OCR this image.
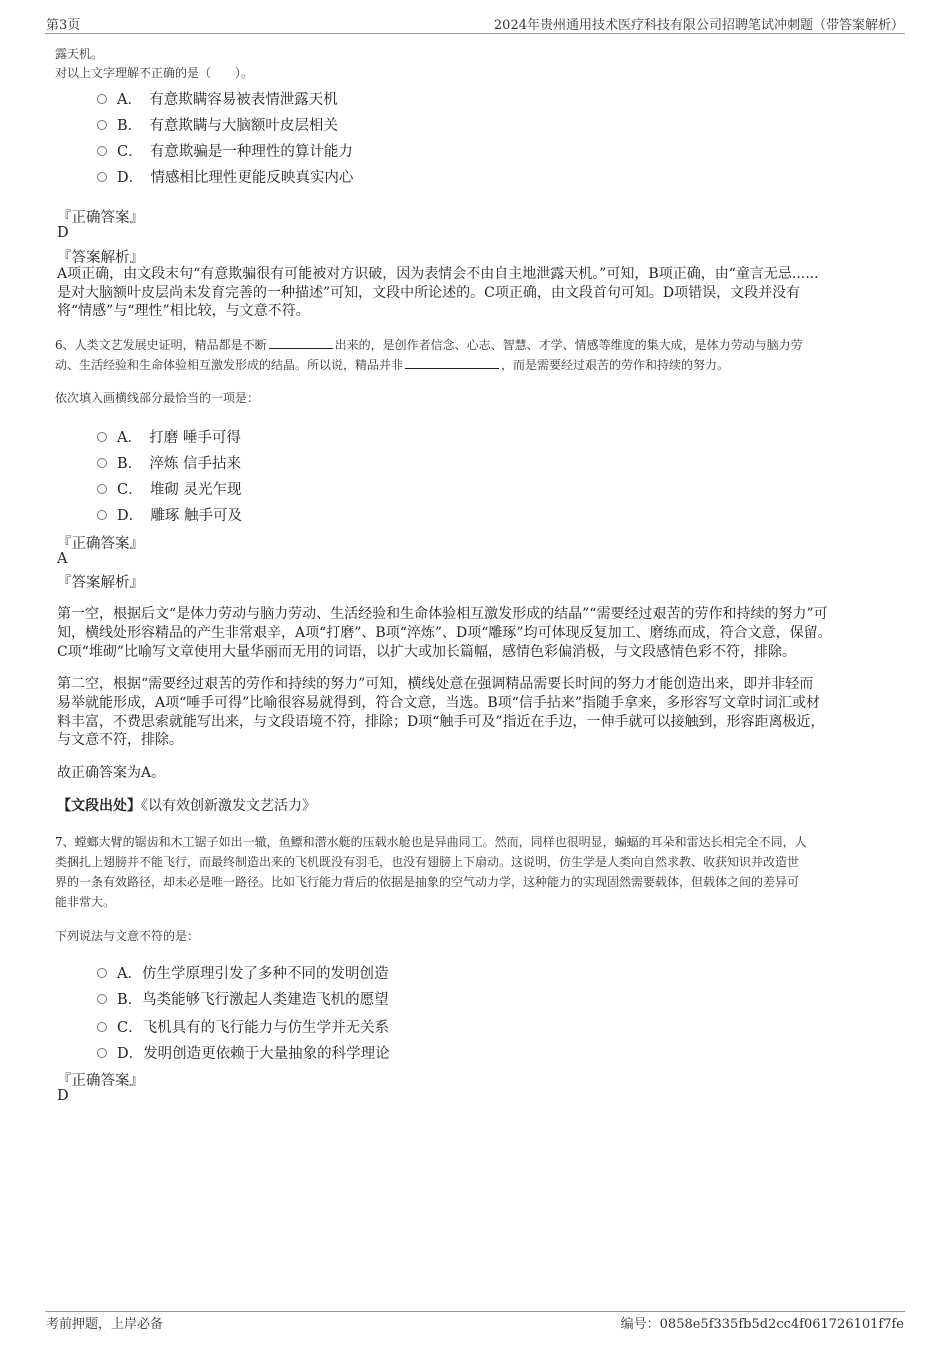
第3页	2024年贵州通用技术医疗科技有限公司招聘笔试冲刺题（带答案解析）
露天机。
对以上文字理解不正确的是（　　）。
A．　有意欺瞒容易被表情泄露天机
B．　有意欺瞒与大脑额叶皮层相关
C．　有意欺骗是一种理性的算计能力
D．　情感相比理性更能反映真实内心
『正确答案』
D
『答案解析』
A项正确，由文段末句“有意欺骗很有可能被对方识破，因为表情会不由自主地泄露天机。”可知，B项正确，由“童言无忌......
是对大脑额叶皮层尚未发育完善的一种描述”可知，文段中所论述的。C项正确，由文段首句可知。D项错误，文段并没有
将“情感”与“理性”相比较，与文意不符。
6、人类文艺发展史证明，精品都是不断	出来的，是创作者信念、心志、智慧、才学、情感等维度的集大成，是体力劳动与脑力劳
动、生活经验和生命体验相互激发形成的结晶。所以说，精品并非	，而是需要经过艰苦的劳作和持续的努力。
依次填入画横线部分最恰当的一项是：
A．　打磨 唾手可得
B．　淬炼 信手拈来
C．　堆砌 灵光乍现
D．　雕琢 触手可及
『正确答案』
A
『答案解析』
第一空，根据后文“是体力劳动与脑力劳动、生活经验和生命体验相互激发形成的结晶”“需要经过艰苦的劳作和持续的努力”可
知，横线处形容精品的产生非常艰辛，A项“打磨”、B项“淬炼”、D项“雕琢”均可体现反复加工、磨练而成，符合文意，保留。
C项“堆砌”比喻写文章使用大量华丽而无用的词语，以扩大或加长篇幅，感情色彩偏消极，与文段感情色彩不符，排除。
第二空，根据“需要经过艰苦的劳作和持续的努力”可知，横线处意在强调精品需要长时间的努力才能创造出来，即并非轻而
易举就能形成，A项“唾手可得”比喻很容易就得到，符合文意，当选。B项“信手拈来”指随手拿来，多形容写文章时词汇或材
料丰富，不费思索就能写出来，与文段语境不符，排除；D项“触手可及”指近在手边，一伸手就可以接触到，形容距离极近，
与文意不符，排除。
故正确答案为A。
【文段出处】《以有效创新激发文艺活力》
7、螳螂大臂的锯齿和木工锯子如出一辙，鱼鳔和潜水艇的压载水舱也是异曲同工。然而，同样也很明显，蝙蝠的耳朵和雷达长相完全不同，人
类捆扎上翅膀并不能飞行，而最终制造出来的飞机既没有羽毛，也没有翅膀上下扇动。这说明，仿生学是人类向自然求教、收获知识并改造世
界的一条有效路径，却未必是唯一路径。比如飞行能力背后的依据是抽象的空气动力学，这种能力的实现固然需要载体，但载体之间的差异可
能非常大。
下列说法与文意不符的是：
A．仿生学原理引发了多种不同的发明创造
B．鸟类能够飞行激起人类建造飞机的愿望
C．飞机具有的飞行能力与仿生学并无关系
D．发明创造更依赖于大量抽象的科学理论
『正确答案』
D
考前押题，上岸必备	编号：0858e5f335fb5d2cc4f061726101f7fe
